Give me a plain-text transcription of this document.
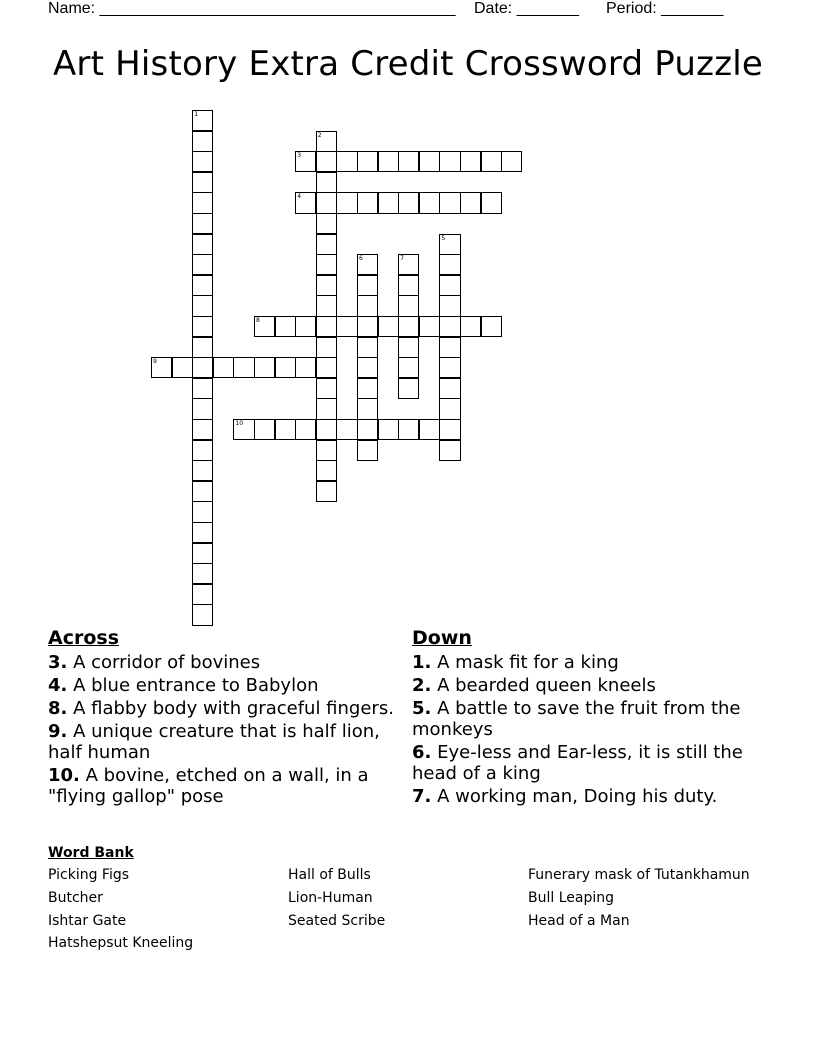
Name: ________________________________________ Date: _______ Period: _______
Art History Extra Credit Crossword Puzzle
1
2
3
4
5
6	7
8
9
10
Across
3. A corridor of bovines
4. A blue entrance to Babylon
8. A flabby body with graceful fingers.
9. A unique creature that is half lion, half human
10. A bovine, etched on a wall, in a "flying gallop" pose
Down
1. A mask fit for a king
2. A bearded queen kneels
5. A battle to save the fruit from the monkeys
6. Eye-less and Ear-less, it is still the head of a king
7. A working man, Doing his duty.
Word Bank
Picking Figs
Butcher
Ishtar Gate
Hatshepsut Kneeling
Hall of Bulls
Lion-Human
Seated Scribe
Funerary mask of Tutankhamun
Bull Leaping
Head of a Man
